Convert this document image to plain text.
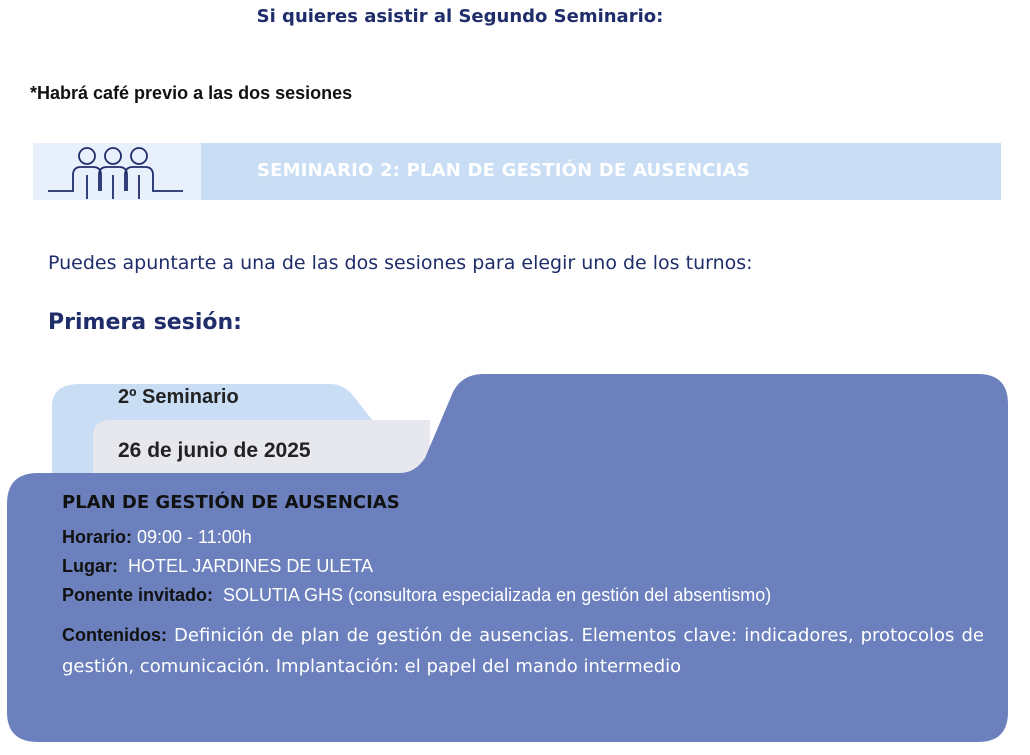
Si quieres asistir al Segundo Seminario:
*Habrá café previo a las dos sesiones
SEMINARIO 2: PLAN DE GESTIÓN DE AUSENCIAS
Puedes apuntarte a una de las dos sesiones para elegir uno de los turnos:
Primera sesión:
2º Seminario
26 de junio de 2025
PLAN DE GESTIÓN DE AUSENCIAS
Horario: 09:00 - 11:00h
Lugar:  HOTEL JARDINES DE ULETA
Ponente invitado:  SOLUTIA GHS (consultora especializada en gestión del absentismo)
Contenidos: Definición de plan de gestión de ausencias. Elementos clave: indicadores, protocolos de gestión, comunicación. Implantación: el papel del mando intermedio
